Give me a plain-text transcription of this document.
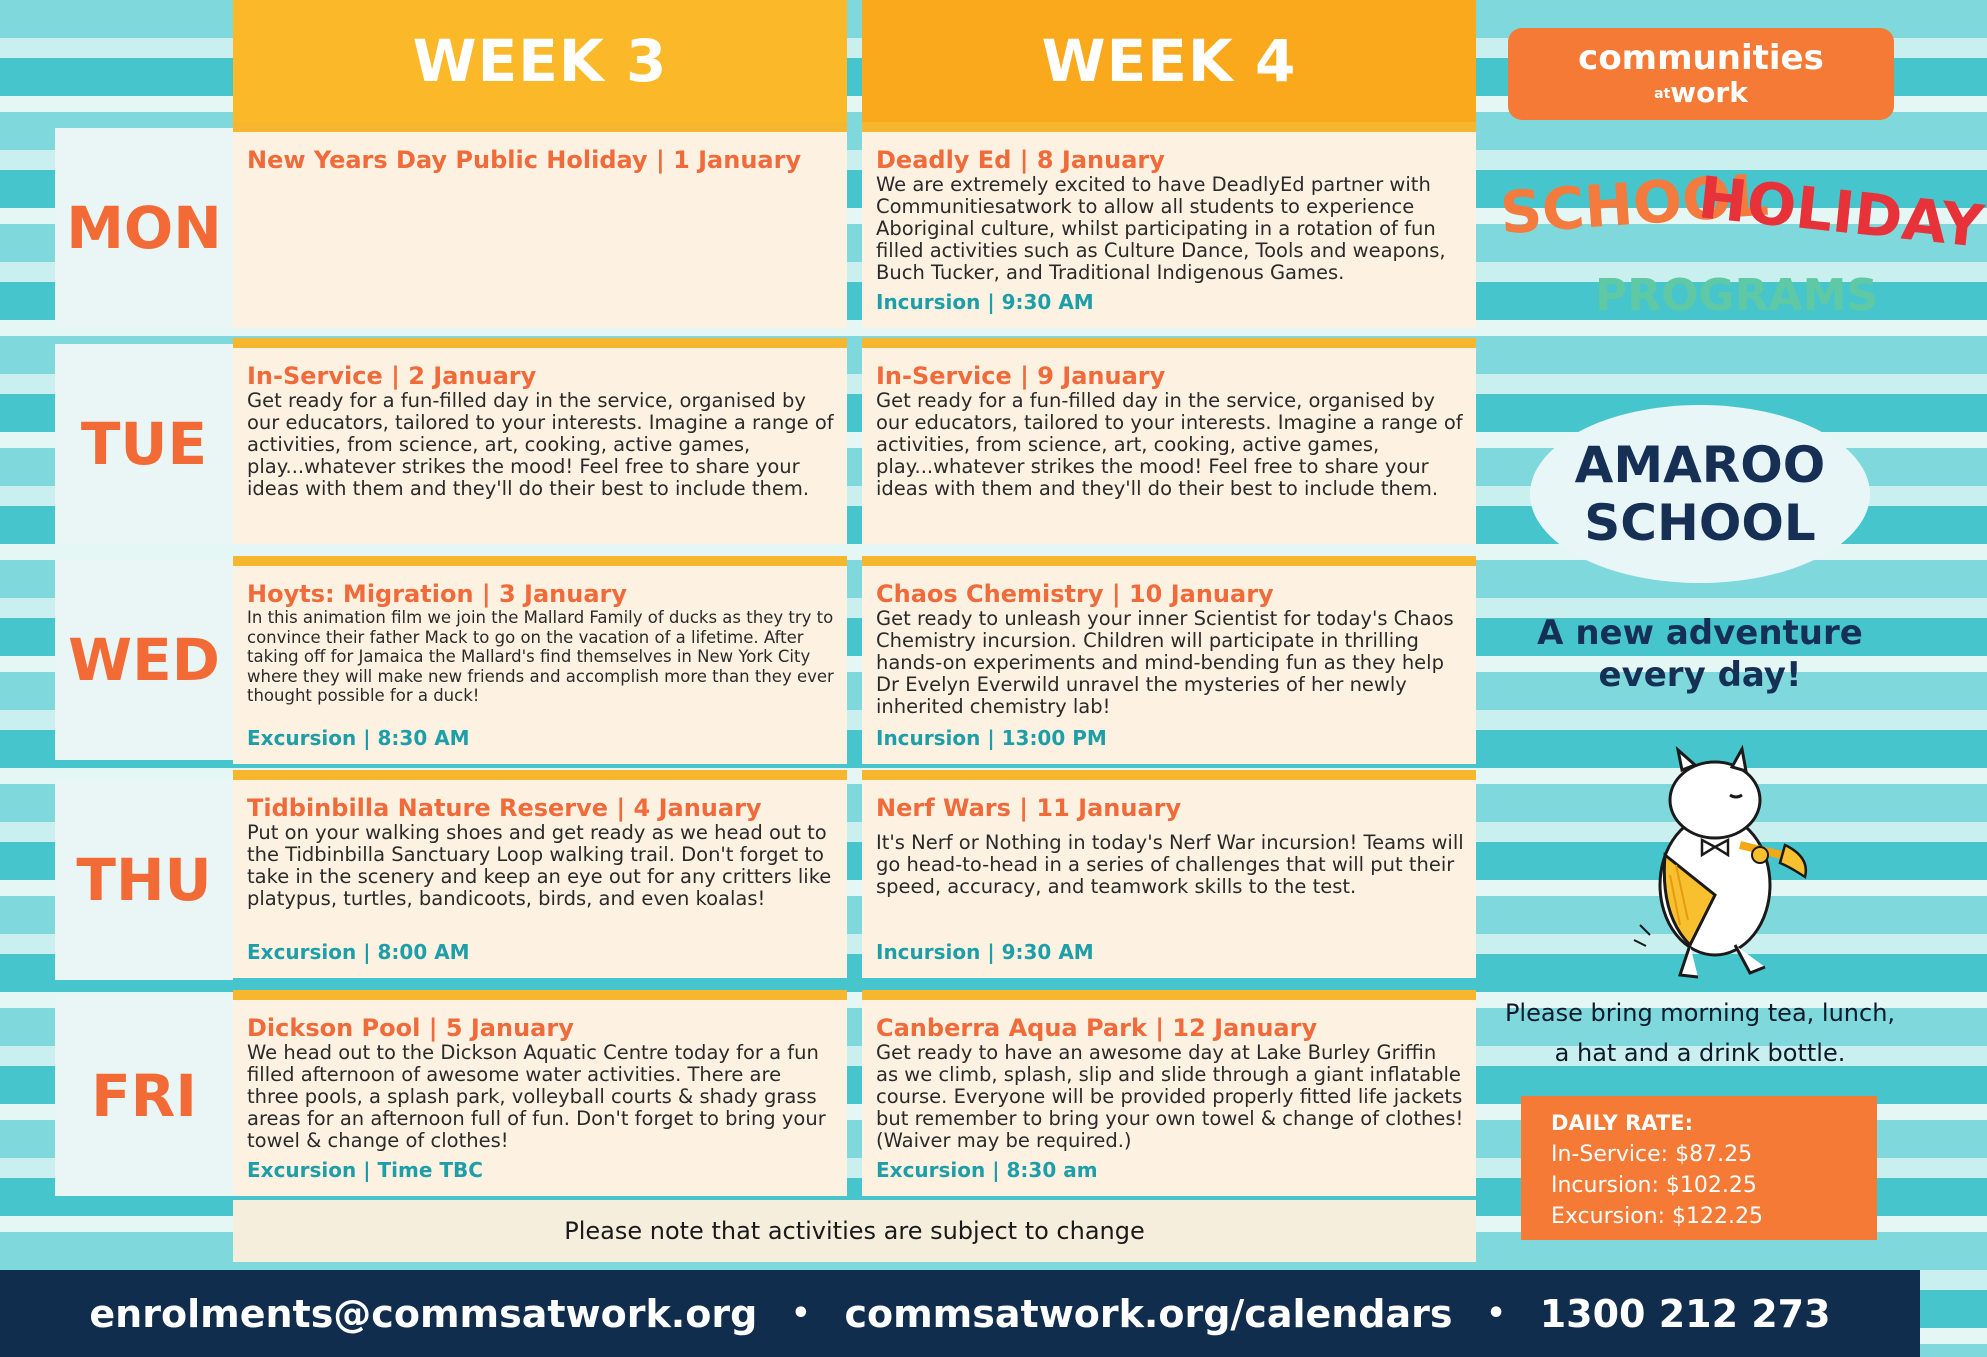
WEEK 3	WEEK 4
MON
TUE
WED
THU
FRI
New Years Day Public Holiday | 1 January	Deadly Ed | 8 January
We are extremely excited to have DeadlyEd partner with Communitiesatwork to allow all students to experience Aboriginal culture, whilst participating in a rotation of fun filled activities such as Culture Dance, Tools and weapons, Buch Tucker, and Traditional Indigenous Games.
Incursion | 9:30 AM
In-Service | 2 January
Get ready for a fun-filled day in the service, organised by our educators, tailored to your interests. Imagine a range of activities, from science, art, cooking, active games, play...whatever strikes the mood! Feel free to share your ideas with them and they'll do their best to include them.
In-Service | 9 January
Get ready for a fun-filled day in the service, organised by our educators, tailored to your interests. Imagine a range of activities, from science, art, cooking, active games, play...whatever strikes the mood! Feel free to share your ideas with them and they'll do their best to include them.
Hoyts: Migration | 3 January
In this animation film we join the Mallard Family of ducks as they try to convince their father Mack to go on the vacation of a lifetime. After taking off for Jamaica the Mallard's find themselves in New York City where they will make new friends and accomplish more than they ever thought possible for a duck!
Excursion | 8:30 AM
Chaos Chemistry | 10 January
Get ready to unleash your inner Scientist for today's Chaos Chemistry incursion. Children will participate in thrilling hands-on experiments and mind-bending fun as they help Dr Evelyn Everwild unravel the mysteries of her newly inherited chemistry lab!
Incursion | 13:00 PM
Tidbinbilla Nature Reserve | 4 January
Put on your walking shoes and get ready as we head out to the Tidbinbilla Sanctuary Loop walking trail. Don't forget to take in the scenery and keep an eye out for any critters like platypus, turtles, bandicoots, birds, and even koalas!
Excursion | 8:00 AM
Nerf Wars | 11 January
It's Nerf or Nothing in today's Nerf War incursion! Teams will go head-to-head in a series of challenges that will put their speed, accuracy, and teamwork skills to the test.
Incursion | 9:30 AM
Dickson Pool | 5 January
We head out to the Dickson Aquatic Centre today for a fun filled afternoon of awesome water activities. There are three pools, a splash park, volleyball courts & shady grass areas for an afternoon full of fun. Don't forget to bring your towel & change of clothes!
Excursion | Time TBC
Canberra Aqua Park | 12 January
Get ready to have an awesome day at Lake Burley Griffin as we climb, splash, slip and slide through a giant inflatable course. Everyone will be provided properly fitted life jackets but remember to bring your own towel & change of clothes! (Waiver may be required.)
Excursion | 8:30 am
Please note that activities are subject to change
communities
atwork
SCHOOL
HOLIDAY
PROGRAMS
AMAROO
SCHOOL
A new adventure
every day!
Please bring morning tea, lunch,
a hat and a drink bottle.
DAILY RATE:
In-Service: $87.25
Incursion: $102.25
Excursion: $122.25
enrolments@commsatwork.org • commsatwork.org/calendars • 1300 212 273
